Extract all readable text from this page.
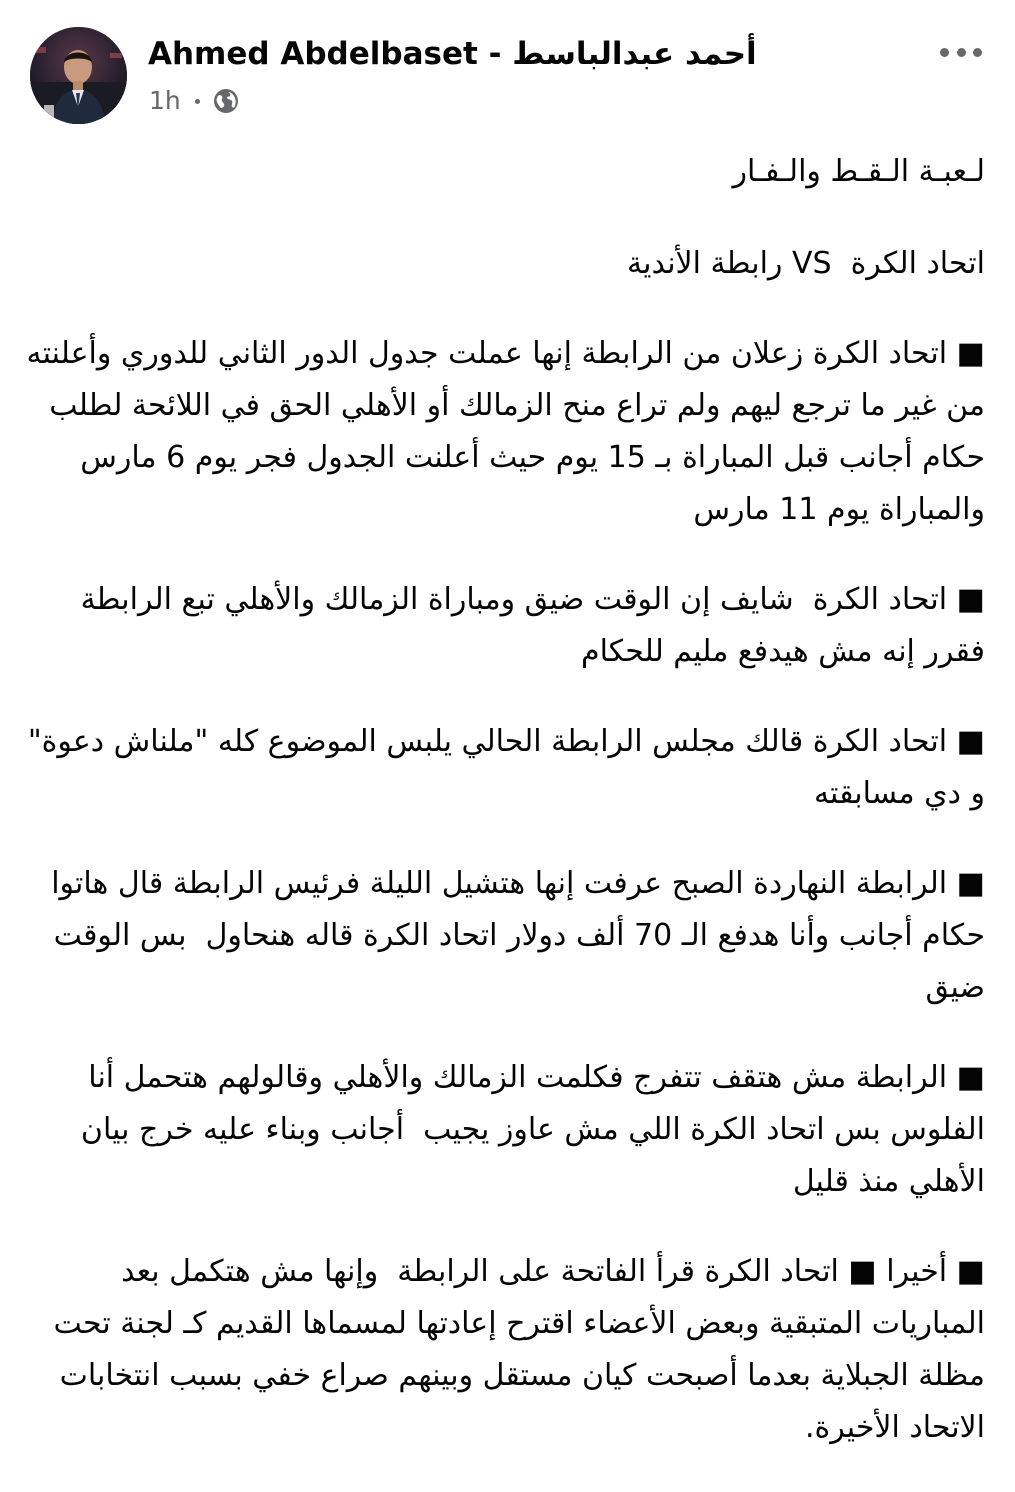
Ahmed Abdelbaset - أحمد عبدالباسط
1h

لـعبـة الـقـط والـفـار

اتحاد الكرة  VS رابطة الأندية

■ اتحاد الكرة زعلان من الرابطة إنها عملت جدول الدور الثاني للدوري وأعلنته من غير ما ترجع ليهم ولم تراع منح الزمالك أو الأهلي الحق في اللائحة لطلب حكام أجانب قبل المباراة بـ 15 يوم حيث أعلنت الجدول فجر يوم 6 مارس والمباراة يوم 11 مارس

■ اتحاد الكرة  شايف إن الوقت ضيق ومباراة الزمالك والأهلي تبع الرابطة فقرر إنه مش هيدفع مليم للحكام

■ اتحاد الكرة قالك مجلس الرابطة الحالي يلبس الموضوع كله "ملناش دعوة" و دي مسابقته

■ الرابطة النهاردة الصبح عرفت إنها هتشيل الليلة فرئيس الرابطة قال هاتوا حكام أجانب وأنا هدفع الـ 70 ألف دولار اتحاد الكرة قاله هنحاول  بس الوقت ضيق

■ الرابطة مش هتقف تتفرج فكلمت الزمالك والأهلي وقالولهم هتحمل أنا الفلوس بس اتحاد الكرة اللي مش عاوز يجيب  أجانب وبناء عليه خرج بيان الأهلي منذ قليل

■ أخيرا ■ اتحاد الكرة قرأ الفاتحة على الرابطة  وإنها مش هتكمل بعد المباريات المتبقية وبعض الأعضاء اقترح إعادتها لمسماها القديم كـ لجنة تحت مظلة الجبلاية بعدما أصبحت كيان مستقل وبينهم صراع خفي بسبب انتخابات الاتحاد الأخيرة.
